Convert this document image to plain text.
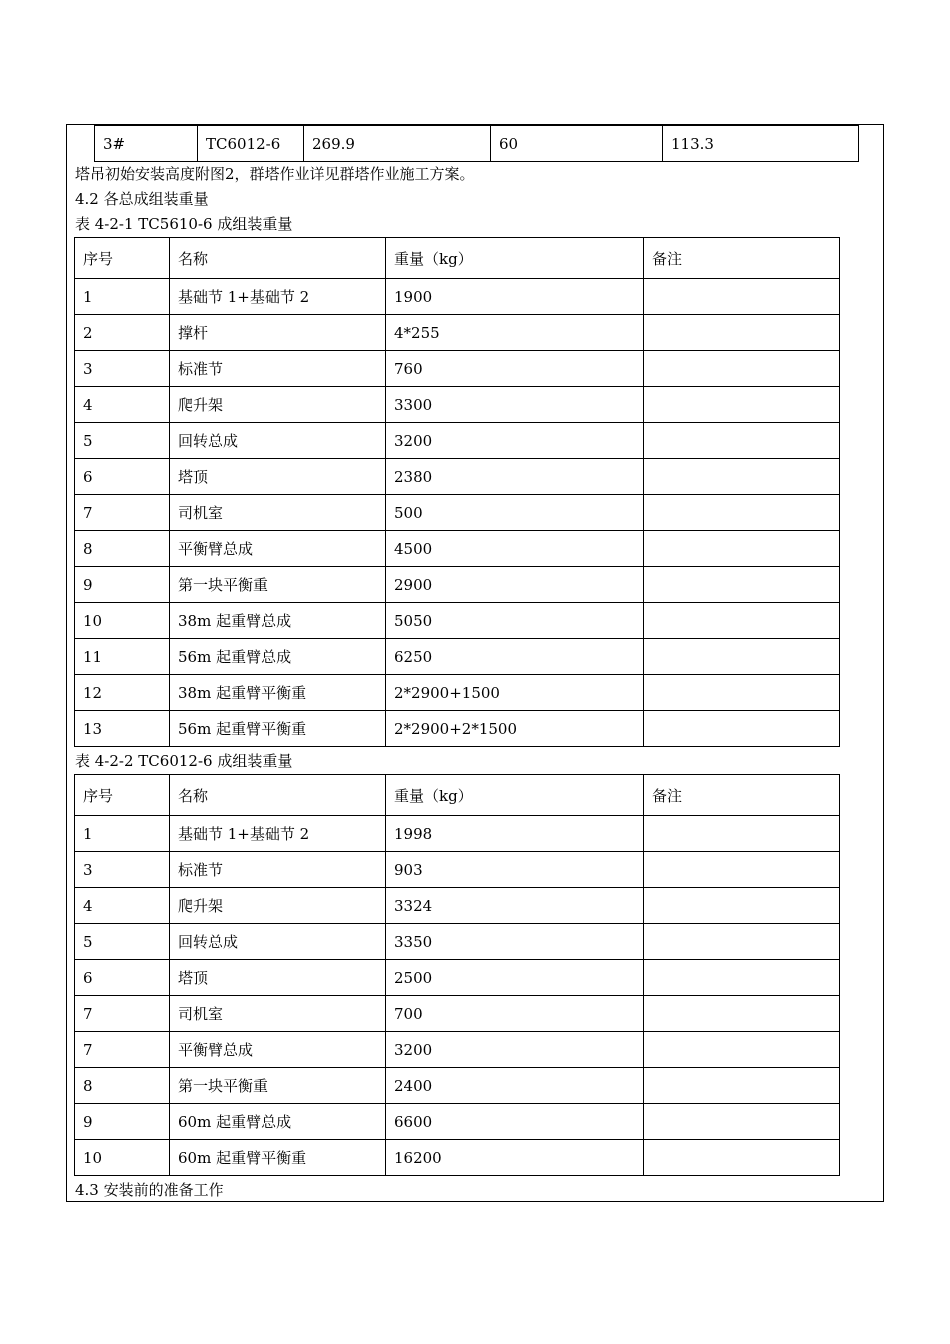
3#	TC6012-6	269.9	60	113.3
塔吊初始安装高度附图2，群塔作业详见群塔作业施工方案。
4.2 各总成组装重量
表 4-2-1 TC5610-6 成组装重量
序号	名称	重量（kg）	备注
1	基础节 1+基础节 2	1900	
2	撑杆	4*255	
3	标准节	760	
4	爬升架	3300	
5	回转总成	3200	
6	塔顶	2380	
7	司机室	500	
8	平衡臂总成	4500	
9	第一块平衡重	2900	
10	38m 起重臂总成	5050	
11	56m 起重臂总成	6250	
12	38m 起重臂平衡重	2*2900+1500	
13	56m 起重臂平衡重	2*2900+2*1500	
表 4-2-2 TC6012-6 成组装重量
序号	名称	重量（kg）	备注
1	基础节 1+基础节 2	1998	
3	标准节	903	
4	爬升架	3324	
5	回转总成	3350	
6	塔顶	2500	
7	司机室	700	
7	平衡臂总成	3200	
8	第一块平衡重	2400	
9	60m 起重臂总成	6600	
10	60m 起重臂平衡重	16200	
4.3 安装前的准备工作
